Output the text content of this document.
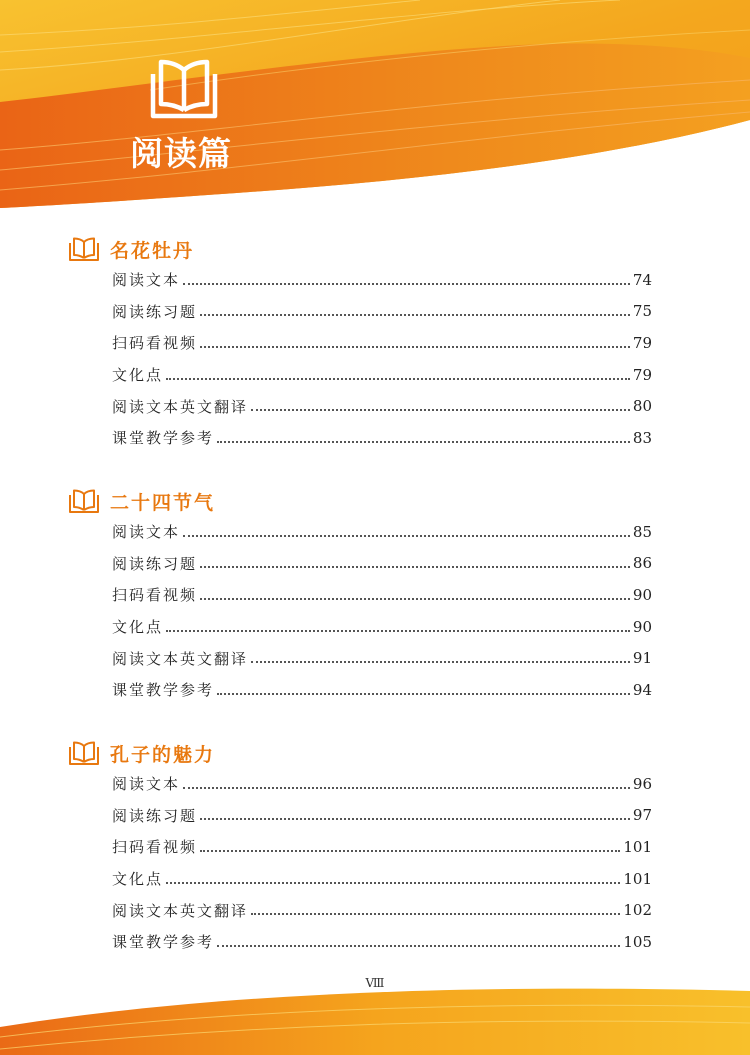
阅读篇
名花牡丹
阅读文本	74
阅读练习题	75
扫码看视频	79
文化点	79
阅读文本英文翻译	80
课堂教学参考	83
二十四节气
阅读文本	85
阅读练习题	86
扫码看视频	90
文化点	90
阅读文本英文翻译	91
课堂教学参考	94
孔子的魅力
阅读文本	96
阅读练习题	97
扫码看视频	101
文化点	101
阅读文本英文翻译	102
课堂教学参考	105
Ⅷ
